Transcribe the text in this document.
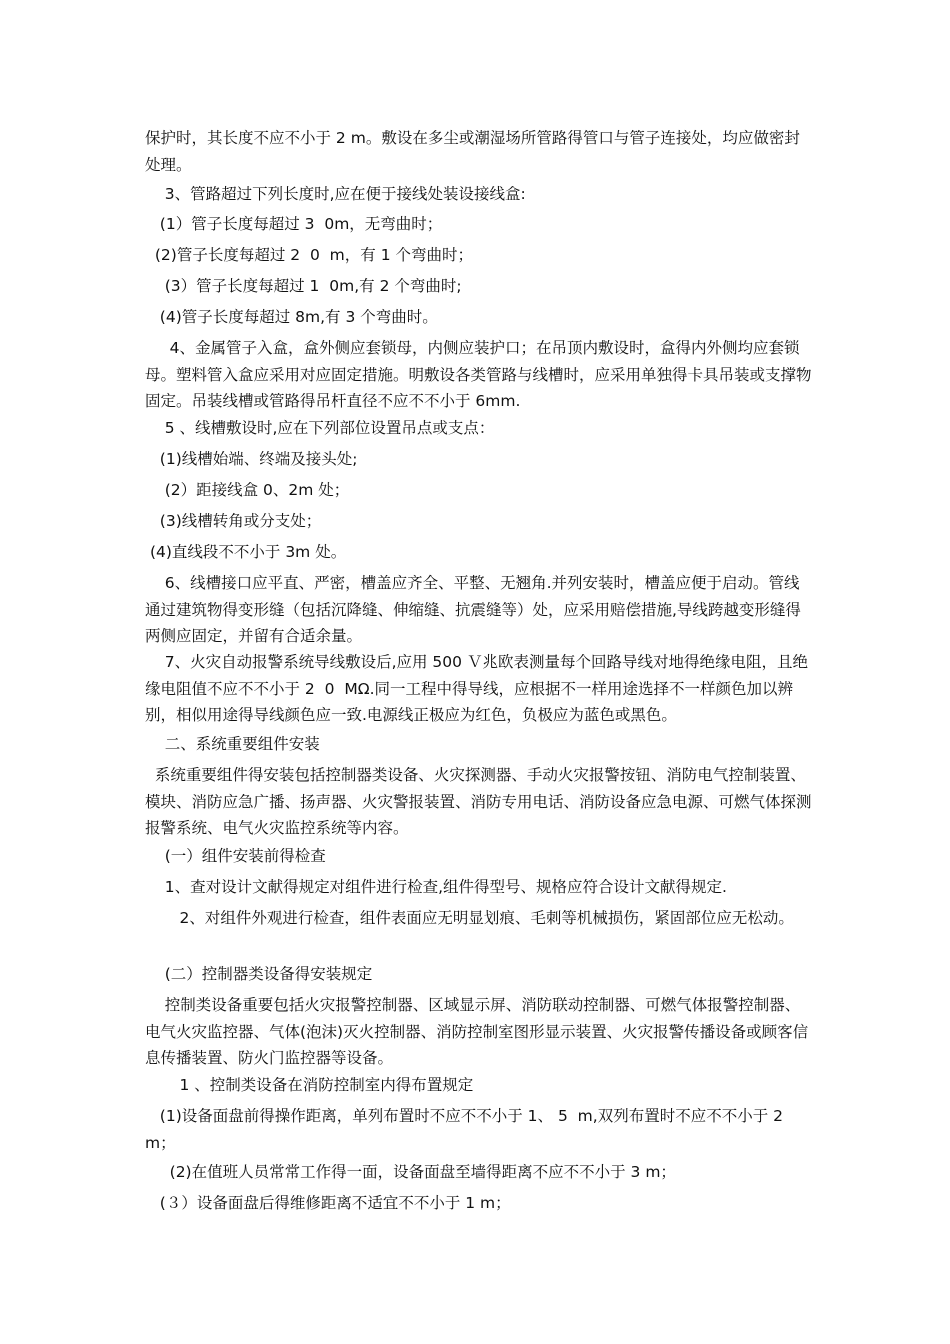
保护时，其长度不应不小于 2 m。敷设在多尘或潮湿场所管路得管口与管子连接处，均应做密封处理。

3、管路超过下列长度时,应在便于接线处装设接线盒:

(1）管子长度每超过 3  0m，无弯曲时；

(2)管子长度每超过 2  0  m，有 1 个弯曲时；

(3）管子长度每超过 1  0m,有 2 个弯曲时;

(4)管子长度每超过 8m,有 3 个弯曲时。

4、金属管子入盒，盒外侧应套锁母，内侧应装护口；在吊顶内敷设时，盒得内外侧均应套锁母。塑料管入盒应采用对应固定措施。明敷设各类管路与线槽时，应采用单独得卡具吊装或支撑物固定。吊装线槽或管路得吊杆直径不应不不小于 6mm.

5 、线槽敷设时,应在下列部位设置吊点或支点：

(1)线槽始端、终端及接头处;

(2）距接线盒 0、2m 处；

(3)线槽转角或分支处；

(4)直线段不不小于 3m 处。

6、线槽接口应平直、严密，槽盖应齐全、平整、无翘角.并列安装时，槽盖应便于启动。管线通过建筑物得变形缝（包括沉降缝、伸缩缝、抗震缝等）处，应采用赔偿措施,导线跨越变形缝得两侧应固定，并留有合适余量。

7、火灾自动报警系统导线敷设后,应用 500 Ｖ兆欧表测量每个回路导线对地得绝缘电阻，且绝缘电阻值不应不不小于 2  0  MΩ.同一工程中得导线，应根据不一样用途选择不一样颜色加以辨别，相似用途得导线颜色应一致.电源线正极应为红色，负极应为蓝色或黑色。

二、系统重要组件安装

系统重要组件得安装包括控制器类设备、火灾探测器、手动火灾报警按钮、消防电气控制装置、模块、消防应急广播、扬声器、火灾警报装置、消防专用电话、消防设备应急电源、可燃气体探测报警系统、电气火灾监控系统等内容。

(一）组件安装前得检查

1、查对设计文献得规定对组件进行检查,组件得型号、规格应符合设计文献得规定.

2、对组件外观进行检查，组件表面应无明显划痕、毛刺等机械损伤，紧固部位应无松动。

(二）控制器类设备得安装规定

控制类设备重要包括火灾报警控制器、区域显示屏、消防联动控制器、可燃气体报警控制器、电气火灾监控器、气体(泡沫)灭火控制器、消防控制室图形显示装置、火灾报警传播设备或顾客信息传播装置、防火门监控器等设备。

1 、控制类设备在消防控制室内得布置规定

(1)设备面盘前得操作距离，单列布置时不应不不小于 1、 5  m,双列布置时不应不不小于 2m；

(2)在值班人员常常工作得一面，设备面盘至墙得距离不应不不小于 3 m；

(３）设备面盘后得维修距离不适宜不不小于 1 m；
